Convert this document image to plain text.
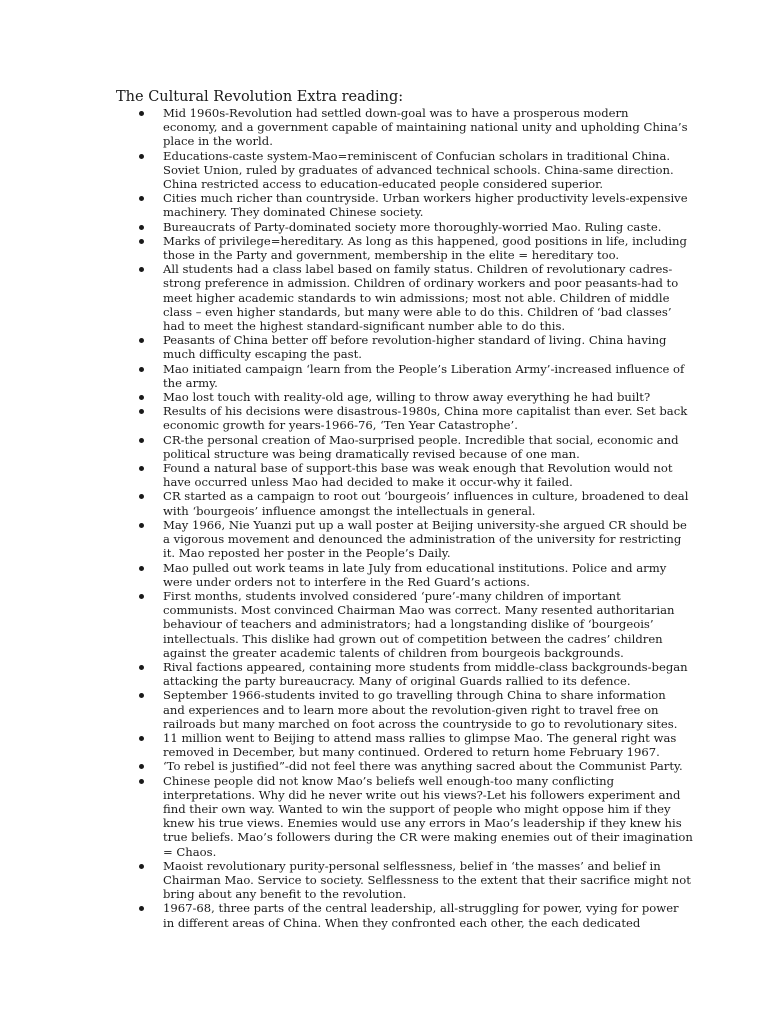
The Cultural Revolution Extra reading:
Mid 1960s-Revolution had settled down-goal was to have a prosperous modern
economy, and a government capable of maintaining national unity and upholding China’s
place in the world.
Educations-caste system-Mao=reminiscent of Confucian scholars in traditional China.
Soviet Union, ruled by graduates of advanced technical schools. China-same direction.
China restricted access to education-educated people considered superior.
Cities much richer than countryside. Urban workers higher productivity levels-expensive
machinery. They dominated Chinese society.
Bureaucrats of Party-dominated society more thoroughly-worried Mao. Ruling caste.
Marks of privilege=hereditary. As long as this happened, good positions in life, including
those in the Party and government, membership in the elite = hereditary too.
All students had a class label based on family status. Children of revolutionary cadres-
strong preference in admission. Children of ordinary workers and poor peasants-had to
meet higher academic standards to win admissions; most not able. Children of middle
class – even higher standards, but many were able to do this. Children of ‘bad classes’
had to meet the highest standard-significant number able to do this.
Peasants of China better off before revolution-higher standard of living. China having
much difficulty escaping the past.
Mao initiated campaign ‘learn from the People’s Liberation Army’-increased influence of
the army.
Mao lost touch with reality-old age, willing to throw away everything he had built?
Results of his decisions were disastrous-1980s, China more capitalist than ever. Set back
economic growth for years-1966-76, ‘Ten Year Catastrophe’.
CR-the personal creation of Mao-surprised people. Incredible that social, economic and
political structure was being dramatically revised because of one man.
Found a natural base of support-this base was weak enough that Revolution would not
have occurred unless Mao had decided to make it occur-why it failed.
CR started as a campaign to root out ‘bourgeois’ influences in culture, broadened to deal
with ‘bourgeois’ influence amongst the intellectuals in general.
May 1966, Nie Yuanzi put up a wall poster at Beijing university-she argued CR should be
a vigorous movement and denounced the administration of the university for restricting
it. Mao reposted her poster in the People’s Daily.
Mao pulled out work teams in late July from educational institutions. Police and army
were under orders not to interfere in the Red Guard’s actions.
First months, students involved considered ‘pure’-many children of important
communists. Most convinced Chairman Mao was correct. Many resented authoritarian
behaviour of teachers and administrators; had a longstanding dislike of ‘bourgeois’
intellectuals. This dislike had grown out of competition between the cadres’ children
against the greater academic talents of children from bourgeois backgrounds.
Rival factions appeared, containing more students from middle-class backgrounds-began
attacking the party bureaucracy. Many of original Guards rallied to its defence.
September 1966-students invited to go travelling through China to share information
and experiences and to learn more about the revolution-given right to travel free on
railroads but many marched on foot across the countryside to go to revolutionary sites.
11 million went to Beijing to attend mass rallies to glimpse Mao. The general right was
removed in December, but many continued. Ordered to return home February 1967.
‘To rebel is justified”-did not feel there was anything sacred about the Communist Party.
Chinese people did not know Mao’s beliefs well enough-too many conflicting
interpretations. Why did he never write out his views?-Let his followers experiment and
find their own way. Wanted to win the support of people who might oppose him if they
knew his true views. Enemies would use any errors in Mao’s leadership if they knew his
true beliefs. Mao’s followers during the CR were making enemies out of their imagination
= Chaos.
Maoist revolutionary purity-personal selflessness, belief in ‘the masses’ and belief in
Chairman Mao. Service to society. Selflessness to the extent that their sacrifice might not
bring about any benefit to the revolution.
1967-68, three parts of the central leadership, all-struggling for power, vying for power
in different areas of China. When they confronted each other, the each dedicated
